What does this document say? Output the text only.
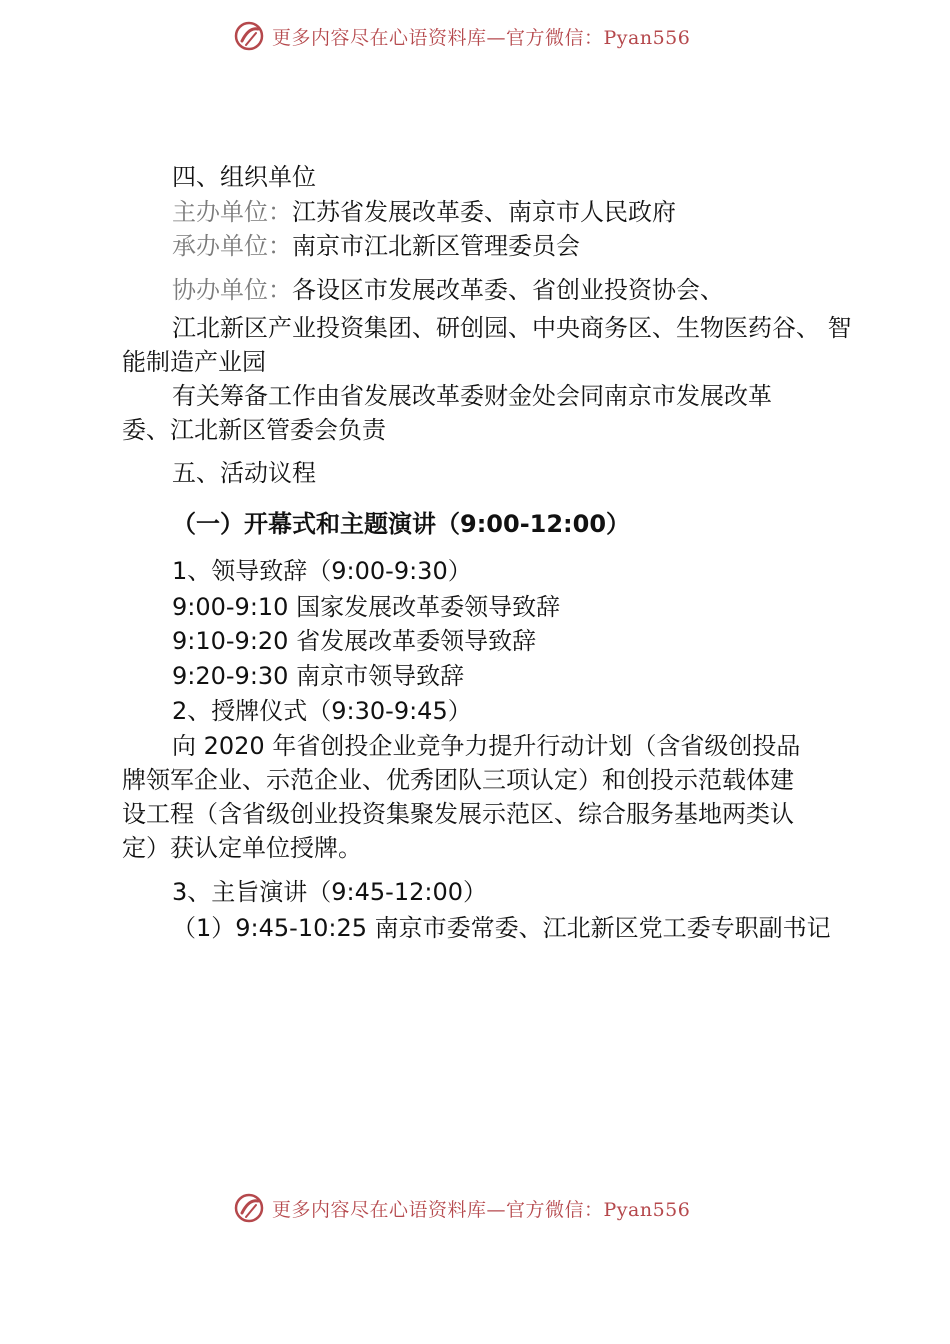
更多内容尽在心语资料库—官方微信：Pyan556

四、组织单位

主办单位：江苏省发展改革委、南京市人民政府

承办单位：南京市江北新区管理委员会

协办单位：各设区市发展改革委、省创业投资协会、

江北新区产业投资集团、研创园、中央商务区、生物医药谷、 智

能制造产业园

有关筹备工作由省发展改革委财金处会同南京市发展改革

委、江北新区管委会负责

五、活动议程

（一）开幕式和主题演讲（9:00-12:00）

1、领导致辞（9:00-9:30）

9:00-9:10 国家发展改革委领导致辞

9:10-9:20 省发展改革委领导致辞

9:20-9:30 南京市领导致辞

2、授牌仪式（9:30-9:45）

向 2020 年省创投企业竞争力提升行动计划（含省级创投品

牌领军企业、示范企业、优秀团队三项认定）和创投示范载体建

设工程（含省级创业投资集聚发展示范区、综合服务基地两类认

定）获认定单位授牌。

3、主旨演讲（9:45-12:00）

（1）9:45-10:25 南京市委常委、江北新区党工委专职副书记

更多内容尽在心语资料库—官方微信：Pyan556
